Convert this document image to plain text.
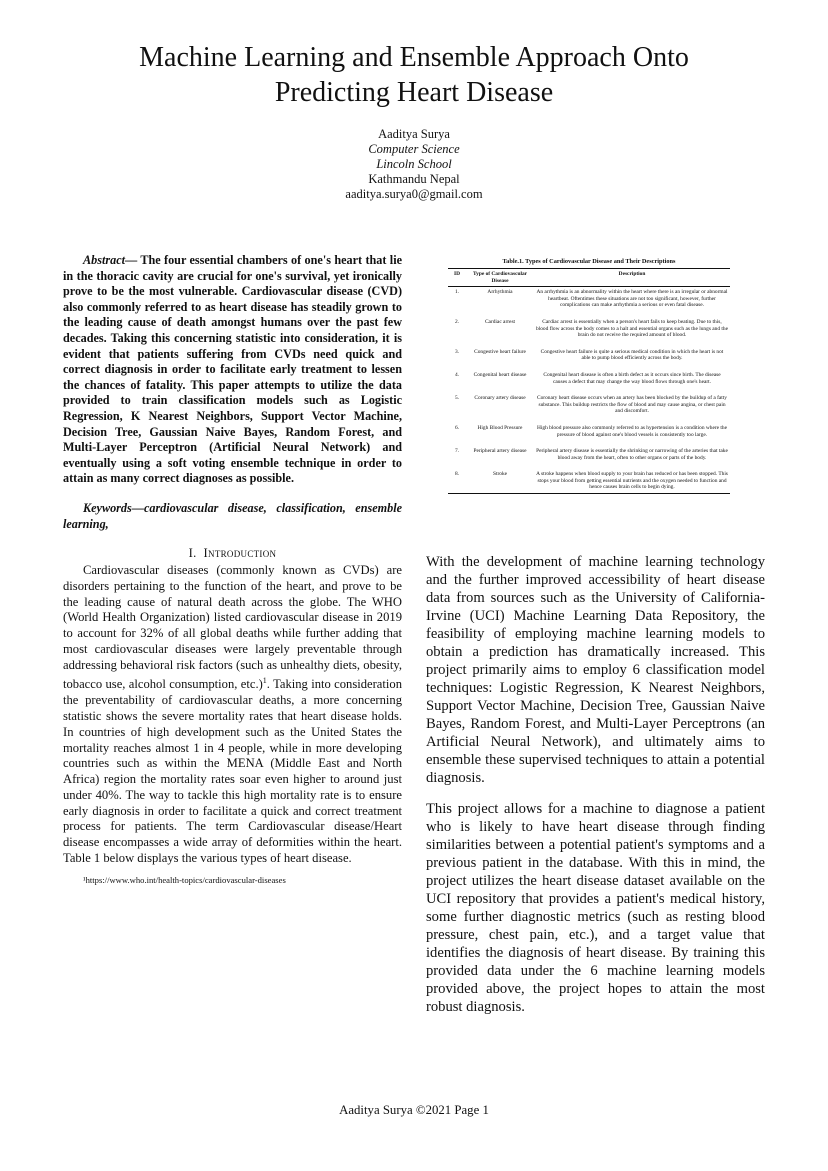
Machine Learning and Ensemble Approach Onto
Predicting Heart Disease
Aaditya Surya
Computer Science
Lincoln School
Kathmandu Nepal
aaditya.surya0@gmail.com

Abstract— The four essential chambers of one's heart that lie in the thoracic cavity are crucial for one's survival, yet ironically prove to be the most vulnerable. Cardiovascular disease (CVD) also commonly referred to as heart disease has steadily grown to the leading cause of death amongst humans over the past few decades. Taking this concerning statistic into consideration, it is evident that patients suffering from CVDs need quick and correct diagnosis in order to facilitate early treatment to lessen the chances of fatality. This paper attempts to utilize the data provided to train classification models such as Logistic Regression, K Nearest Neighbors, Support Vector Machine, Decision Tree, Gaussian Naive Bayes, Random Forest, and Multi-Layer Perceptron (Artificial Neural Network) and eventually using a soft voting ensemble technique in order to attain as many correct diagnoses as possible.

Keywords—cardiovascular disease, classification, ensemble learning,

I. Introduction

Cardiovascular diseases (commonly known as CVDs) are disorders pertaining to the function of the heart, and prove to be the leading cause of natural death across the globe. The WHO (World Health Organization) listed cardiovascular disease in 2019 to account for 32% of all global deaths while further adding that most cardiovascular diseases were largely preventable through addressing behavioral risk factors (such as unhealthy diets, obesity, tobacco use, alcohol consumption, etc.)$^1$. Taking into consideration the preventability of cardiovascular deaths, a more concerning statistic shows the severe mortality rates that heart disease holds. In countries of high development such as the United States the mortality reaches almost 1 in 4 people, while in more developing countries such as within the MENA (Middle East and North Africa) region the mortality rates soar even higher to around just under 40%. The way to tackle this high mortality rate is to ensure early diagnosis in order to facilitate a quick and correct treatment process for patients. The term Cardiovascular disease/Heart disease encompasses a wide array of deformities within the heart. Table 1 below displays the various types of heart disease.

¹https://www.who.int/health-topics/cardiovascular-diseases
Table.1. Types of Cardiovascular Disease and Their Descriptions
ID	Type of Cardiovascular Disease	Description
1.	Arrhythmia	An arrhythmia is an abnormality within the heart where there is an irregular or abnormal heartbeat. Oftentimes these situations are not too significant, however, further complications can make arrhythmia a serious or even fatal disease.
2.	Cardiac arrest	Cardiac arrest is essentially when a person's heart fails to keep beating. Due to this, blood flow across the body comes to a halt and essential organs such as the lungs and the brain do not receive the required amount of blood.
3.	Congestive heart failure	Congestive heart failure is quite a serious medical condition in which the heart is not able to pump blood efficiently across the body.
4.	Congenital heart disease	Congenital heart disease is often a birth defect as it occurs since birth. The disease causes a defect that may change the way blood flows through one's heart.
5.	Coronary artery disease	Coronary heart disease occurs when an artery has been blocked by the buildup of a fatty substance. This buildup restricts the flow of blood and may cause angina, or chest pain and discomfort.
6.	High Blood Pressure	High blood pressure also commonly referred to as hypertension is a condition where the pressure of blood against one's blood vessels is consistently too large.
7.	Peripheral artery disease	Peripheral artery disease is essentially the shrinking or narrowing of the arteries that take blood away from the heart, often to other organs or parts of the body.
8.	Stroke	A stroke happens when blood supply to your brain has reduced or has been stopped. This stops your blood from getting essential nutrients and the oxygen needed to function and hence causes brain cells to begin dying.

With the development of machine learning technology and the further improved accessibility of heart disease data from sources such as the University of California-Irvine (UCI) Machine Learning Data Repository, the feasibility of employing machine learning models to obtain a prediction has dramatically increased. This project primarily aims to employ 6 classification model techniques: Logistic Regression, K Nearest Neighbors, Support Vector Machine, Decision Tree, Gaussian Naive Bayes, Random Forest, and Multi-Layer Perceptrons (an Artificial Neural Network), and ultimately aims to ensemble these supervised techniques to attain a potential diagnosis.

This project allows for a machine to diagnose a patient who is likely to have heart disease through finding similarities between a potential patient's symptoms and a previous patient in the database. With this in mind, the project utilizes the heart disease dataset available on the UCI repository that provides a patient's medical history, some further diagnostic metrics (such as resting blood pressure, chest pain, etc.), and a target value that identifies the diagnosis of heart disease. By training this provided data under the 6 machine learning models provided above, the project hopes to attain the most robust diagnosis.

Aaditya Surya ©2021 Page 1
